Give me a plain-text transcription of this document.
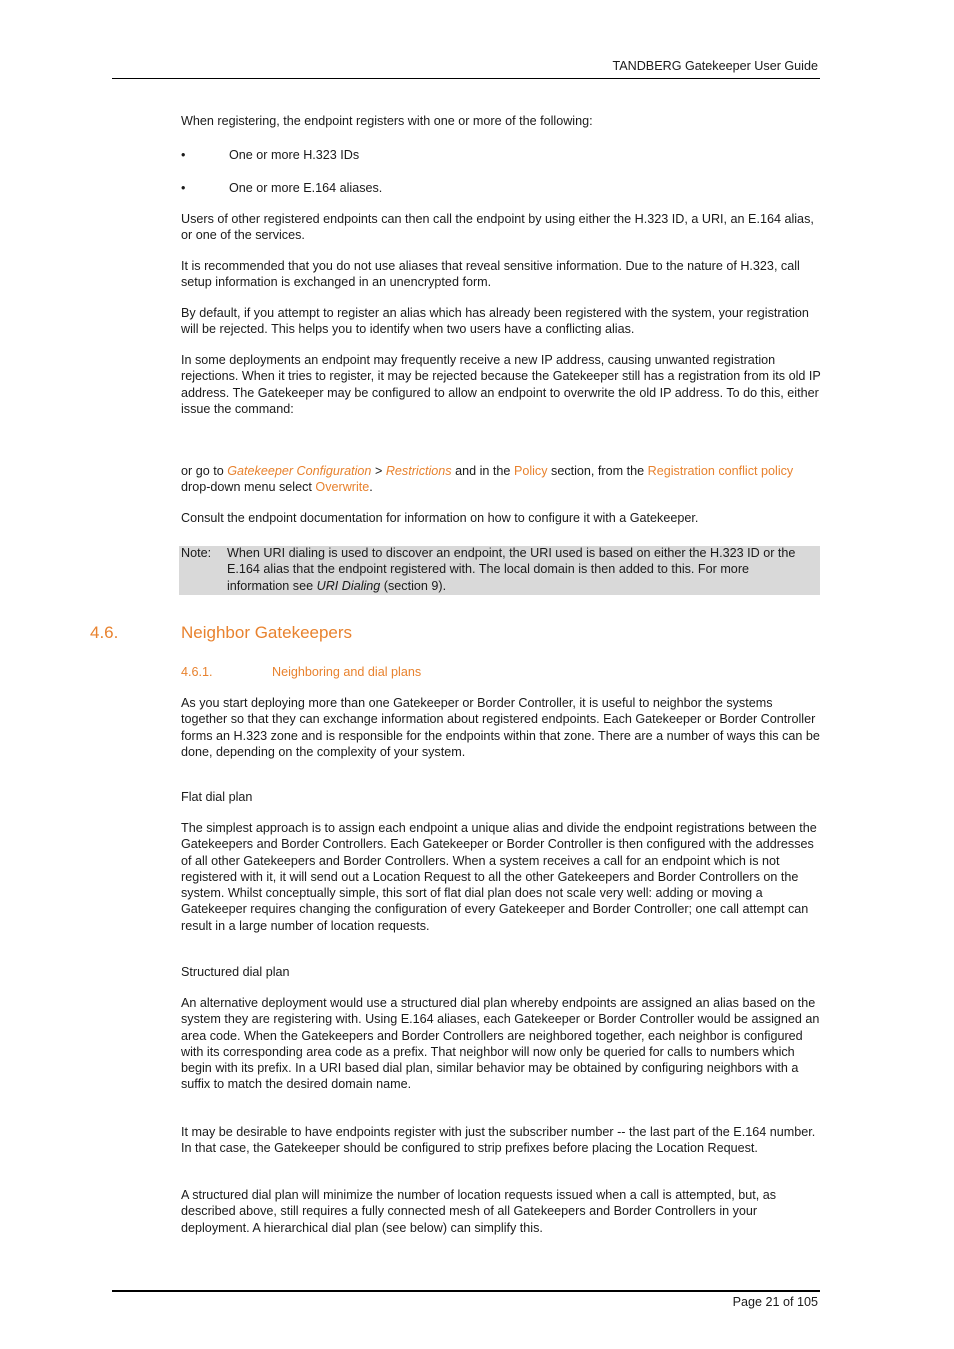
TANDBERG Gatekeeper User Guide

When registering, the endpoint registers with one or more of the following:

•	One or more H.323 IDs
•	One or more E.164 aliases.

Users of other registered endpoints can then call the endpoint by using either the H.323 ID, a URI, an E.164 alias, or one of the services.

It is recommended that you do not use aliases that reveal sensitive information. Due to the nature of H.323, call setup information is exchanged in an unencrypted form.

By default, if you attempt to register an alias which has already been registered with the system, your registration will be rejected. This helps you to identify when two users have a conflicting alias.

In some deployments an endpoint may frequently receive a new IP address, causing unwanted registration rejections. When it tries to register, it may be rejected because the Gatekeeper still has a registration from its old IP address. The Gatekeeper may be configured to allow an endpoint to overwrite the old IP address. To do this, either issue the command:

or go to Gatekeeper Configuration > Restrictions and in the Policy section, from the Registration conflict policy drop-down menu select Overwrite.

Consult the endpoint documentation for information on how to configure it with a Gatekeeper.

Note: When URI dialing is used to discover an endpoint, the URI used is based on either the H.323 ID or the E.164 alias that the endpoint registered with. The local domain is then added to this. For more information see URI Dialing (section 9).

4.6.	Neighbor Gatekeepers
4.6.1.	Neighboring and dial plans

As you start deploying more than one Gatekeeper or Border Controller, it is useful to neighbor the systems together so that they can exchange information about registered endpoints. Each Gatekeeper or Border Controller forms an H.323 zone and is responsible for the endpoints within that zone. There are a number of ways this can be done, depending on the complexity of your system.

Flat dial plan

The simplest approach is to assign each endpoint a unique alias and divide the endpoint registrations between the Gatekeepers and Border Controllers. Each Gatekeeper or Border Controller is then configured with the addresses of all other Gatekeepers and Border Controllers. When a system receives a call for an endpoint which is not registered with it, it will send out a Location Request to all the other Gatekeepers and Border Controllers on the system. Whilst conceptually simple, this sort of flat dial plan does not scale very well: adding or moving a Gatekeeper requires changing the configuration of every Gatekeeper and Border Controller; one call attempt can result in a large number of location requests.

Structured dial plan

An alternative deployment would use a structured dial plan whereby endpoints are assigned an alias based on the system they are registering with. Using E.164 aliases, each Gatekeeper or Border Controller would be assigned an area code. When the Gatekeepers and Border Controllers are neighbored together, each neighbor is configured with its corresponding area code as a prefix. That neighbor will now only be queried for calls to numbers which begin with its prefix. In a URI based dial plan, similar behavior may be obtained by configuring neighbors with a suffix to match the desired domain name.

It may be desirable to have endpoints register with just the subscriber number -- the last part of the E.164 number. In that case, the Gatekeeper should be configured to strip prefixes before placing the Location Request.

A structured dial plan will minimize the number of location requests issued when a call is attempted, but, as described above, still requires a fully connected mesh of all Gatekeepers and Border Controllers in your deployment. A hierarchical dial plan (see below) can simplify this.

Page 21 of 105
